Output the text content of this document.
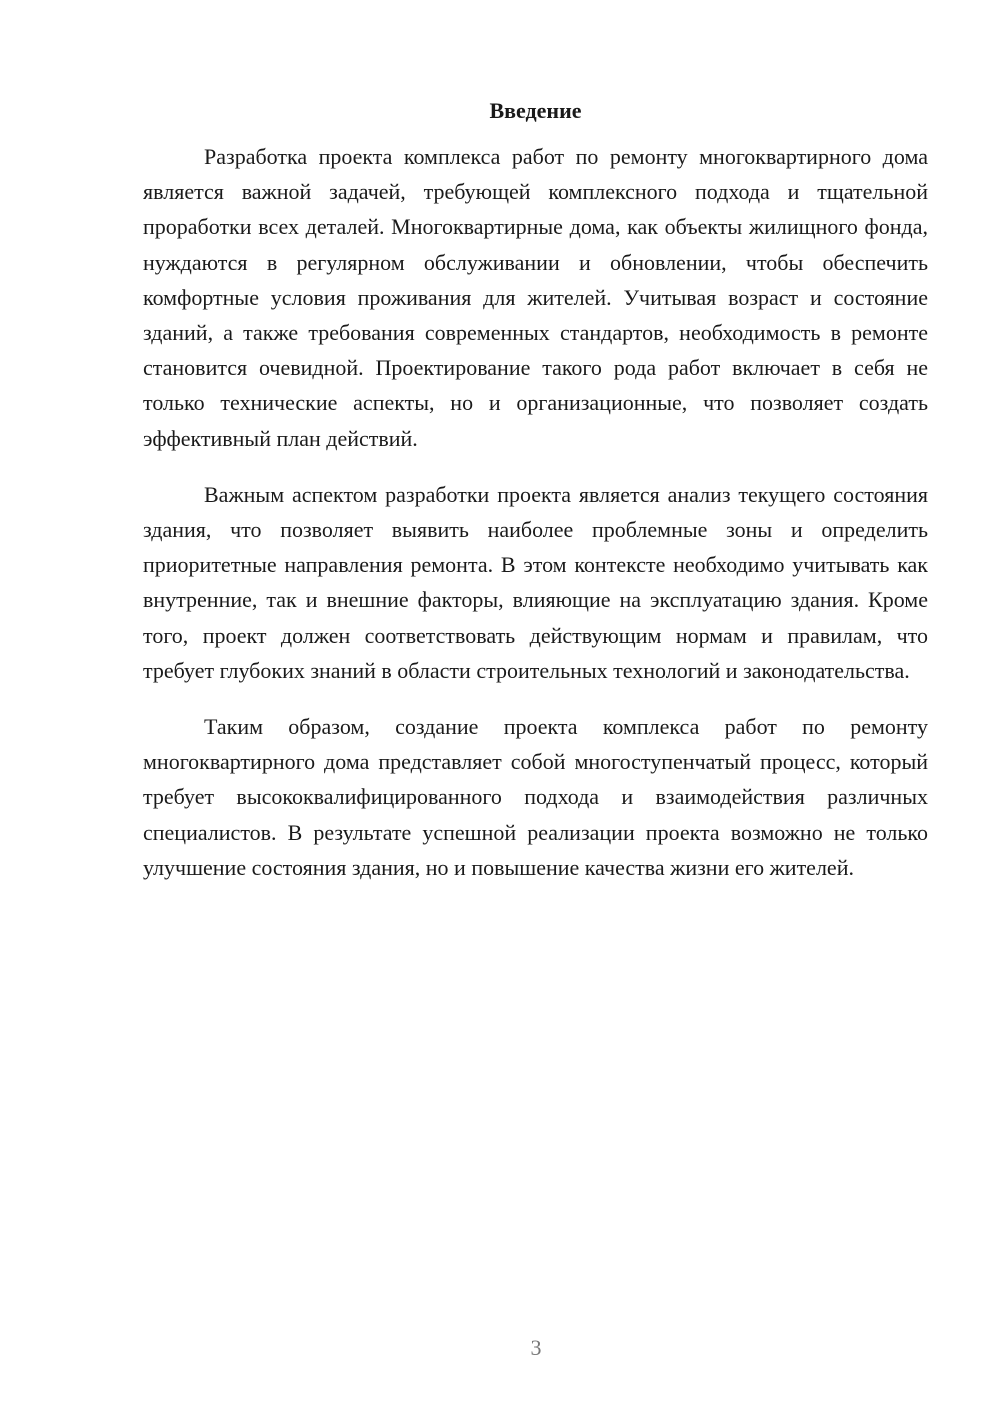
Введение

Разработка проекта комплекса работ по ремонту многоквартирного дома является важной задачей, требующей комплексного подхода и тщательной проработки всех деталей. Многоквартирные дома, как объекты жилищного фонда, нуждаются в регулярном обслуживании и обновлении, чтобы обеспечить комфортные условия проживания для жителей. Учитывая возраст и состояние зданий, а также требования современных стандартов, необходимость в ремонте становится очевидной. Проектирование такого рода работ включает в себя не только технические аспекты, но и организационные, что позволяет создать эффективный план действий.

Важным аспектом разработки проекта является анализ текущего состояния здания, что позволяет выявить наиболее проблемные зоны и определить приоритетные направления ремонта. В этом контексте необходимо учитывать как внутренние, так и внешние факторы, влияющие на эксплуатацию здания. Кроме того, проект должен соответствовать действующим нормам и правилам, что требует глубоких знаний в области строительных технологий и законодательства.

Таким образом, создание проекта комплекса работ по ремонту многоквартирного дома представляет собой многоступенчатый процесс, который требует высококвалифицированного подхода и взаимодействия различных специалистов. В результате успешной реализации проекта возможно не только улучшение состояния здания, но и повышение качества жизни его жителей.

3
